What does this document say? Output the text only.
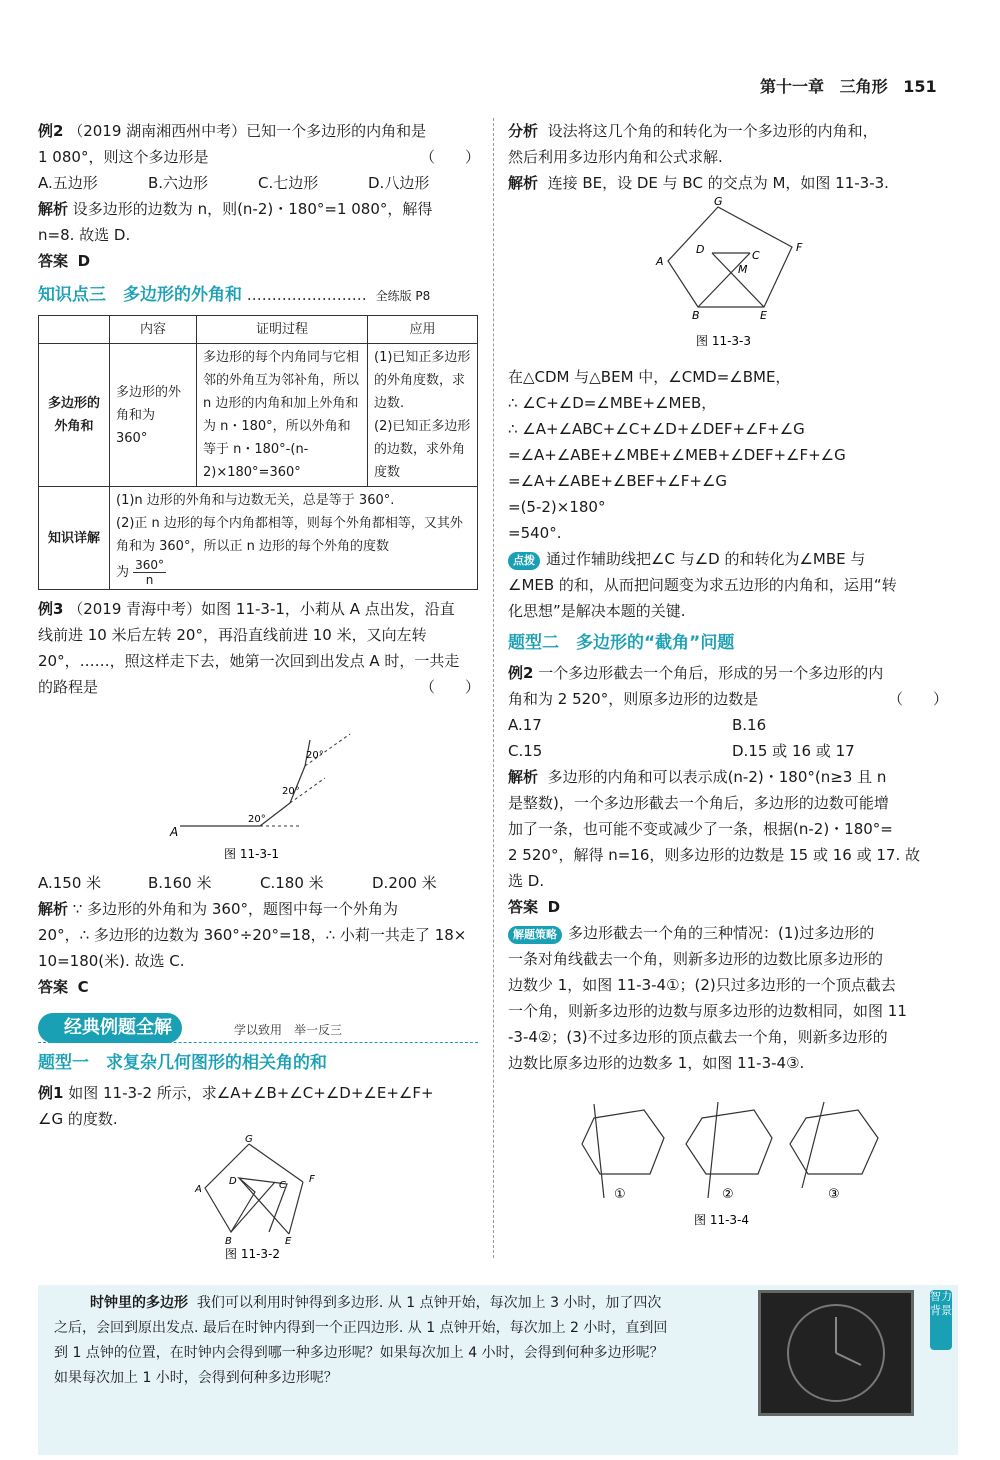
第十一章 三角形 151

例2 （2019 湖南湘西州中考）已知一个多边形的内角和是

1 080°，则这个多边形是	（　　）

A.五边形	B.六边形	C.七边形	D.八边形

解析 设多边形的边数为 n，则(n-2)・180°=1 080°，解得

n=8. 故选 D.

答案 D

知识点三　多边形的外角和 …………………… 全练版 P8

	内容	证明过程	应用
多边形的外角和	多边形的外角和为 360°	多边形的每个内角同与它相邻的外角互为邻补角，所以 n 边形的内角和加上外角和为 n・180°，所以外角和等于 n・180°-(n-2)×180°=360°	(1)已知正多边形的外角度数，求边数.
(2)已知正多边形的边数，求外角度数
知识详解	(1)n 边形的外角和与边数无关，总是等于 360°.
(2)正 n 边形的每个内角都相等，则每个外角都相等，又其外角和为 360°，所以正 n 边形的每个外角的度数
为 $\frac{360^\circ}{n}$

例3 （2019 青海中考）如图 11-3-1，小莉从 A 点出发，沿直

线前进 10 米后左转 20°，再沿直线前进 10 米，又向左转

20°，……，照这样走下去，她第一次回到出发点 A 时，一共走

的路程是	（　　）

A
20°
20°
20°
图 11-3-1

A.150 米	B.160 米	C.180 米	D.200 米

解析 ∵ 多边形的外角和为 360°，题图中每一个外角为

20°，∴ 多边形的边数为 360°÷20°=18，∴ 小莉一共走了 18×

10=180(米). 故选 C.

答案 C

经典例题全解	学以致用　举一反三

题型一　求复杂几何图形的相关角的和

例1 如图 11-3-2 所示，求∠A+∠B+∠C+∠D+∠E+∠F+

∠G 的度数.

G
A
D	C
F
B	E
图 11-3-2

分析 设法将这几个角的和转化为一个多边形的内角和，

然后利用多边形内角和公式求解.

解析 连接 BE，设 DE 与 BC 的交点为 M，如图 11-3-3.

G
A
D	C
M
F
B	E
图 11-3-3

在△CDM 与△BEM 中，∠CMD=∠BME，

∴ ∠C+∠D=∠MBE+∠MEB，

∴ ∠A+∠ABC+∠C+∠D+∠DEF+∠F+∠G

=∠A+∠ABE+∠MBE+∠MEB+∠DEF+∠F+∠G

=∠A+∠ABE+∠BEF+∠F+∠G

=(5-2)×180°

=540°.

点拨 通过作辅助线把∠C 与∠D 的和转化为∠MBE 与

∠MEB 的和，从而把问题变为求五边形的内角和，运用“转

化思想”是解决本题的关键.

题型二　多边形的“截角”问题

例2 一个多边形截去一个角后，形成的另一个多边形的内

角和为 2 520°，则原多边形的边数是	（　　）

A.17	B.16

C.15	D.15 或 16 或 17

解析 多边形的内角和可以表示成(n-2)・180°(n≥3 且 n

是整数)，一个多边形截去一个角后，多边形的边数可能增

加了一条，也可能不变或减少了一条，根据(n-2)・180°=

2 520°，解得 n=16，则多边形的边数是 15 或 16 或 17. 故

选 D.

答案 D

解题策略 多边形截去一个角的三种情况：(1)过多边形的

一条对角线截去一个角，则新多边形的边数比原多边形的

边数少 1，如图 11-3-4①；(2)只过多边形的一个顶点截去

一个角，则新多边形的边数与原多边形的边数相同，如图 11

-3-4②；(3)不过多边形的顶点截去一个角，则新多边形的

边数比原多边形的边数多 1，如图 11-3-4③.

①	②	③
图 11-3-4

时钟里的多边形 我们可以利用时钟得到多边形. 从 1 点钟开始，每次加上 3 小时，加了四次

之后，会回到原出发点. 最后在时钟内得到一个正四边形. 从 1 点钟开始，每次加上 2 小时，直到回

到 1 点钟的位置，在时钟内会得到哪一种多边形呢？如果每次加上 4 小时，会得到何种多边形呢？

如果每次加上 1 小时，会得到何种多边形呢？

智力背景
